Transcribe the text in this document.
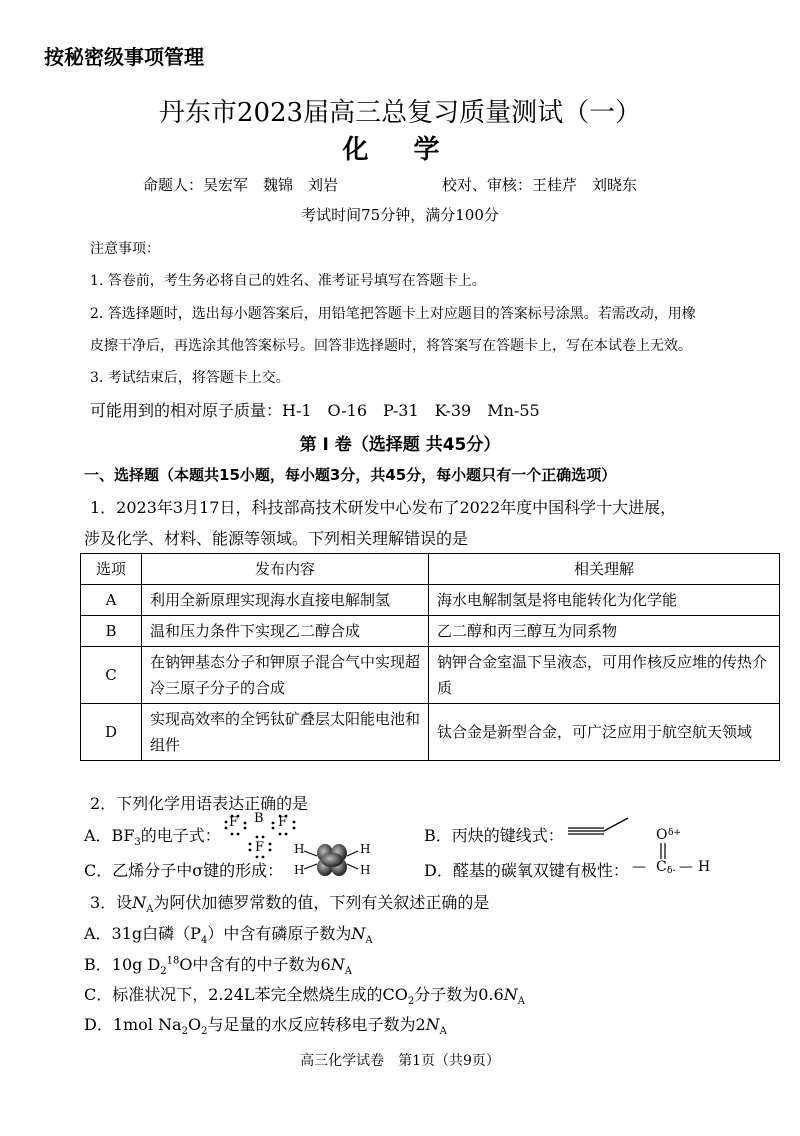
按秘密级事项管理
丹东市2023届高三总复习质量测试（一）
化 学
命题人：吴宏军　魏锦　刘岩	校对、审核：王桂芹　刘晓东
考试时间75分钟，满分100分
注意事项：
1. 答卷前，考生务必将自己的姓名、准考证号填写在答题卡上。
2. 答选择题时，选出每小题答案后，用铅笔把答题卡上对应题目的答案标号涂黑。若需改动，用橡
皮擦干净后，再选涂其他答案标号。回答非选择题时，将答案写在答题卡上，写在本试卷上无效。
3. 考试结束后，将答题卡上交。
可能用到的相对原子质量：H-1　O-16　P-31　K-39　Mn-55
第 Ⅰ 卷（选择题 共45分）
一、选择题（本题共15小题，每小题3分，共45分，每小题只有一个正确选项）
1．2023年3月17日，科技部高技术研发中心发布了2022年度中国科学十大进展，
涉及化学、材料、能源等领域。下列相关理解错误的是
选项	发布内容	相关理解
A	利用全新原理实现海水直接电解制氢	海水电解制氢是将电能转化为化学能
B	温和压力条件下实现乙二醇合成	乙二醇和丙三醇互为同系物
C	在钠钾基态分子和钾原子混合气中实现超冷三原子分子的合成	钠钾合金室温下呈液态，可用作核反应堆的传热介质
D	实现高效率的全钙钛矿叠层太阳能电池和组件	钛合金是新型合金，可广泛应用于航空航天领域
2．下列化学用语表达正确的是
A．$BF_3$的电子式：
F B F
F
B．丙炔的键线式：
C．乙烯分子中σ键的形成：
H
H
H
H	D．醛基的碳氧双键有极性：
O δ+
— C δ- — H
3．设$N_A$为阿伏加德罗常数的值，下列有关叙述正确的是
A．31g白磷$(P_4)$中含有磷原子数为$N_A$
B．10g $D_2^{18}O$中含有的中子数为$6N_A$
C．标准状况下，2.24L苯完全燃烧生成的$CO_2$分子数为$0.6N_A$
D．1mol $Na_2O_2$与足量的水反应转移电子数为$2N_A$
高三化学试卷　第1页（共9页）
